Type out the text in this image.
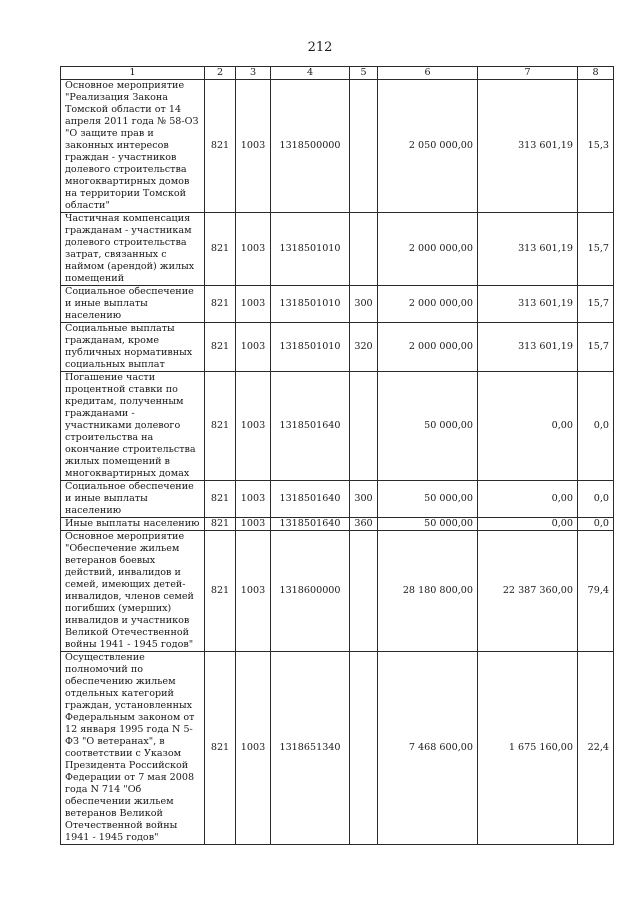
212
1	2	3	4	5	6	7	8
Основное мероприятие "Реализация Закона Томской области от 14 апреля 2011 года № 58-ОЗ "О защите прав и законных интересов граждан - участников долевого строительства многоквартирных домов на территории Томской области"	821	1003	1318500000		2 050 000,00	313 601,19	15,3
Частичная компенсация гражданам - участникам долевого строительства затрат, связанных с наймом (арендой) жилых помещений	821	1003	1318501010		2 000 000,00	313 601,19	15,7
Социальное обеспечение и иные выплаты населению	821	1003	1318501010	300	2 000 000,00	313 601,19	15,7
Социальные выплаты гражданам, кроме публичных нормативных социальных выплат	821	1003	1318501010	320	2 000 000,00	313 601,19	15,7
Погашение части процентной ставки по кредитам, полученным гражданами - участниками долевого строительства на окончание строительства жилых помещений в многоквартирных домах	821	1003	1318501640		50 000,00	0,00	0,0
Социальное обеспечение и иные выплаты населению	821	1003	1318501640	300	50 000,00	0,00	0,0
Иные выплаты населению	821	1003	1318501640	360	50 000,00	0,00	0,0
Основное мероприятие "Обеспечение жильем ветеранов боевых действий, инвалидов и семей, имеющих детей-инвалидов, членов семей погибших (умерших) инвалидов и участников Великой Отечественной войны 1941 - 1945 годов"	821	1003	1318600000		28 180 800,00	22 387 360,00	79,4
Осуществление полномочий по обеспечению жильем отдельных категорий граждан, установленных Федеральным законом от 12 января 1995 года N 5-ФЗ "О ветеранах", в соответствии с Указом Президента Российской Федерации от 7 мая 2008 года N 714 "Об обеспечении жильем ветеранов Великой Отечественной войны 1941 - 1945 годов"	821	1003	1318651340		7 468 600,00	1 675 160,00	22,4
